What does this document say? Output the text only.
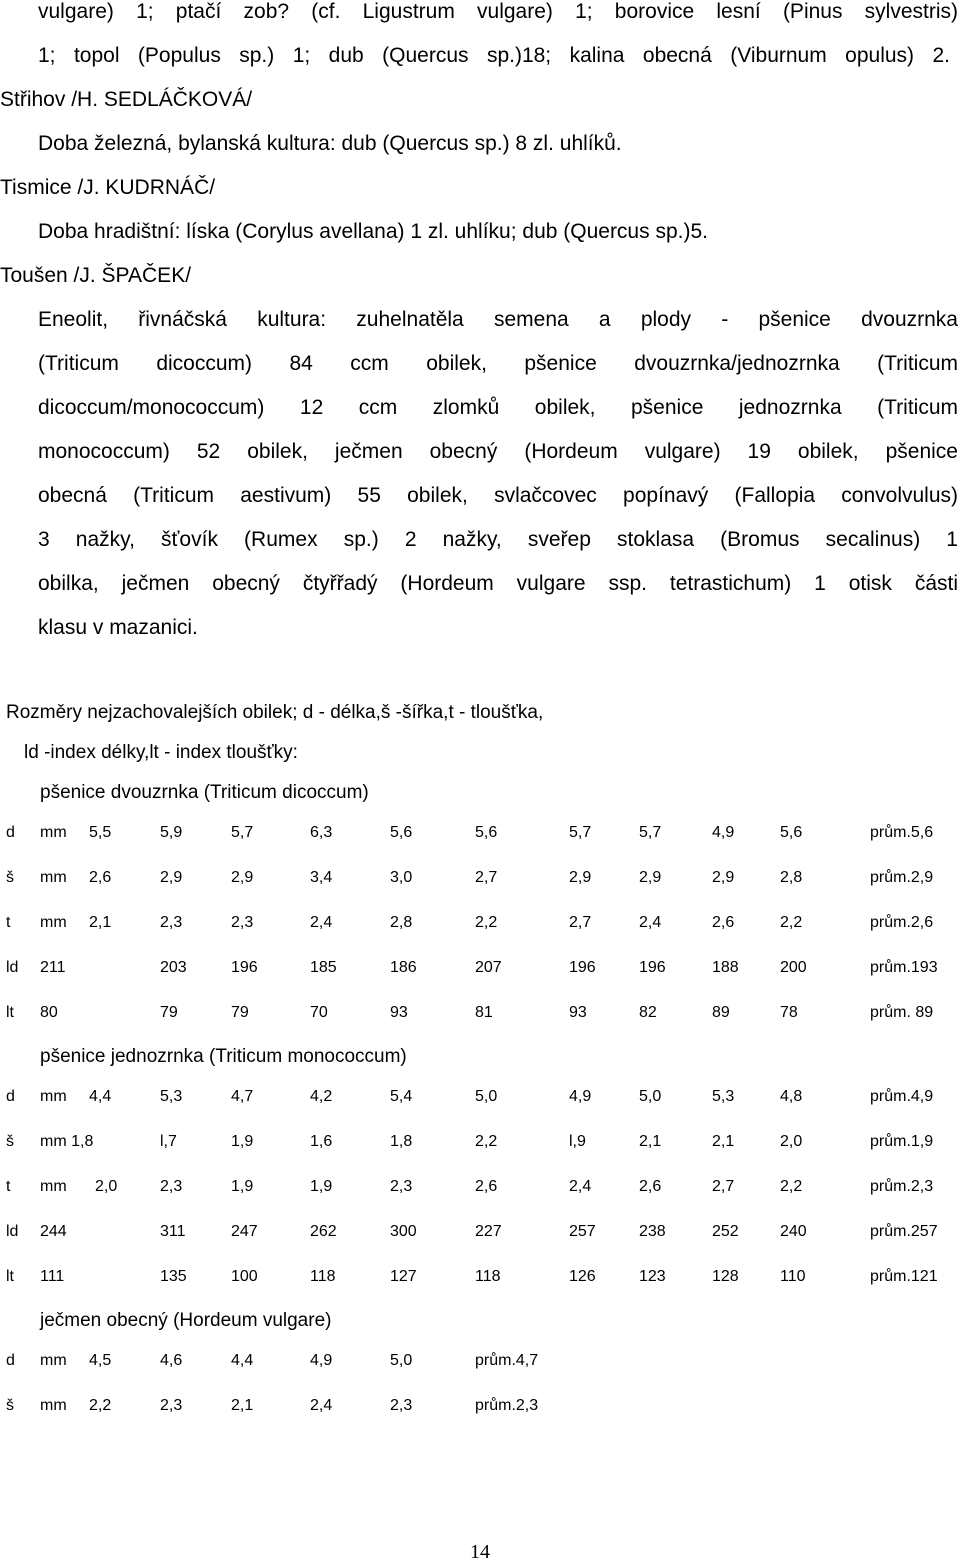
vulgare) 1; ptačí zob? (cf. Ligustrum vulgare) 1; borovice lesní (Pinus sylvestris)
1; topol (Populus sp.) 1; dub (Quercus sp.)18; kalina obecná (Viburnum opulus) 2.
Střihov /H. SEDLÁČKOVÁ/
Doba železná, bylanská kultura: dub (Quercus sp.) 8 zl. uhlíků.
Tismice /J. KUDRNÁČ/
Doba hradištní: líska (Corylus avellana) 1 zl. uhlíku; dub (Quercus sp.)5.
Toušen /J. ŠPAČEK/
Eneolit, řivnáčská kultura: zuhelnatěla semena a plody - pšenice dvouzrnka
(Triticum dicoccum) 84 ccm obilek, pšenice dvouzrnka/jednozrnka (Triticum
dicoccum/monococcum) 12 ccm zlomků obilek, pšenice jednozrnka (Triticum
monococcum) 52 obilek, ječmen obecný (Hordeum vulgare) 19 obilek, pšenice
obecná (Triticum aestivum) 55 obilek, svlačcovec popínavý (Fallopia convolvulus)
3 nažky, šťovík (Rumex sp.) 2 nažky, sveřep stoklasa (Bromus secalinus) 1
obilka, ječmen obecný čtyřřadý (Hordeum vulgare ssp. tetrastichum) 1 otisk části
klasu v mazanici.
Rozměry nejzachovalejších obilek; d - délka,š -šířka,t - tloušťka,
ld -index délky,lt - index tloušťky:
pšenice dvouzrnka (Triticum dicoccum)
d mm 5,5	5,9	5,7	6,3	5,6	5,6	5,7	5,7	4,9	5,6	prům.5,6
š mm 2,6	2,9	2,9	3,4	3,0	2,7	2,9	2,9	2,9	2,8	prům.2,9
t mm 2,1	2,3	2,3	2,4	2,8	2,2	2,7	2,4	2,6	2,2	prům.2,6
ld 211	203	196	185	186	207	196	196	188	200	prům.193
lt 80	79	79	70	93	81	93	82	89	78	prům. 89
pšenice jednozrnka (Triticum monococcum)
d mm 4,4	5,3	4,7	4,2	5,4	5,0	4,9	5,0	5,3	4,8	prům.4,9
š mm 1,8	l,7	1,9	1,6	1,8	2,2	l,9	2,1	2,1	2,0	prům.1,9
t mm 2,0	2,3	1,9	1,9	2,3	2,6	2,4	2,6	2,7	2,2	prům.2,3
ld 244	311	247	262	300	227	257	238	252	240	prům.257
lt 111	135	100	118	127	118	126	123	128	110	prům.121
ječmen obecný (Hordeum vulgare)
d mm 4,5	4,6	4,4	4,9	5,0	prům.4,7
š mm 2,2	2,3	2,1	2,4	2,3	prům.2,3
14
